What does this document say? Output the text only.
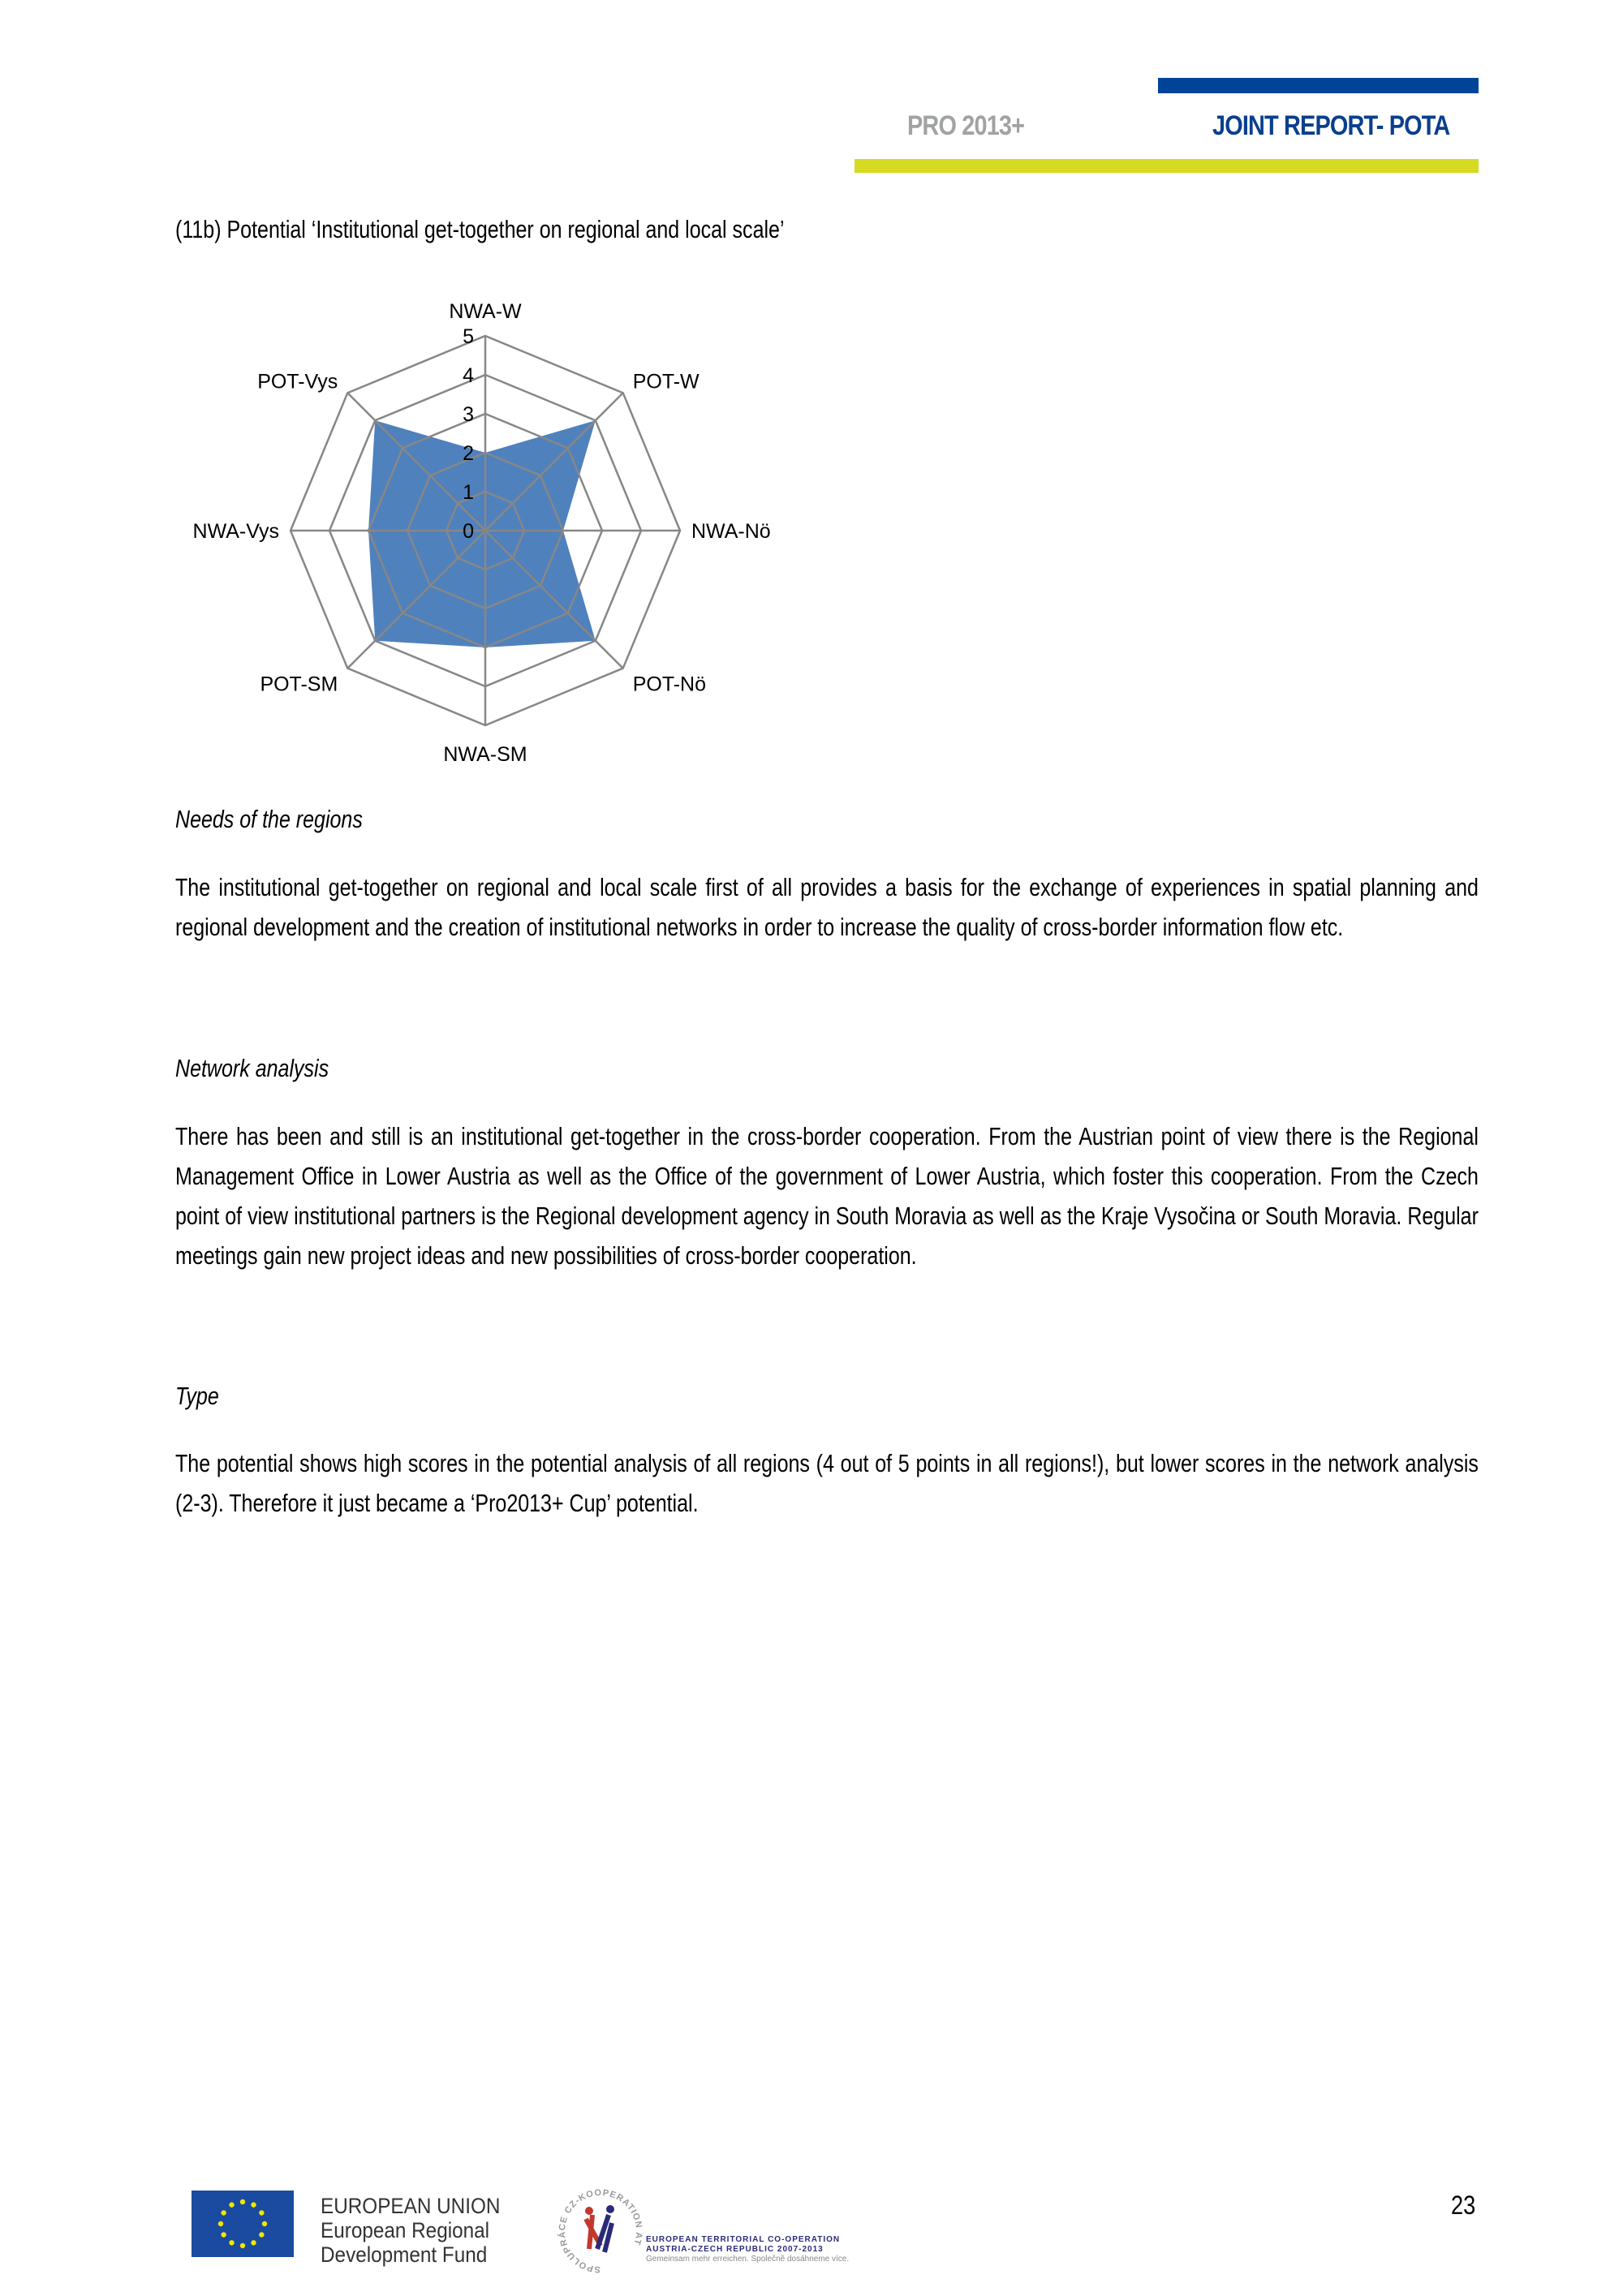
PRO 2013+	JOINT REPORT- POTA
(11b) Potential ‘Institutional get-together on regional and local scale’
0
1
2
3
4
5
NWA-W
POT-W
NWA-Nö
POT-Nö
NWA-SM
POT-SM
NWA-Vys
POT-Vys
Needs of the regions
The institutional get-together on regional and local scale first of all provides a basis for the exchange of experiences in spatial planning and regional development and the creation of institutional networks in order to increase the quality of cross-border information flow etc.
Network analysis
There has been and still is an institutional get-together in the cross-border cooperation. From the Austrian point of view there is the Regional Management Office in Lower Austria as well as the Office of the government of Lower Austria, which foster this cooperation. From the Czech point of view institutional partners is the Regional development agency in South Moravia as well as the Kraje Vysočina or South Moravia. Regular meetings gain new project ideas and new possibilities of cross-border cooperation.
Type
The potential shows high scores in the potential analysis of all regions (4 out of 5 points in all regions!), but lower scores in the network analysis (2-3). Therefore it just became a ‘Pro2013+ Cup’ potential.
EUROPEAN UNION
European Regional
Development Fund
SPOLUPRÁCE CZ-KOOPERATION AT EUROPEAN TERRITORIAL CO-OPERATION
AUSTRIA-CZECH REPUBLIC 2007-2013
Gemeinsam mehr erreichen. Společně dosáhneme více.
23
